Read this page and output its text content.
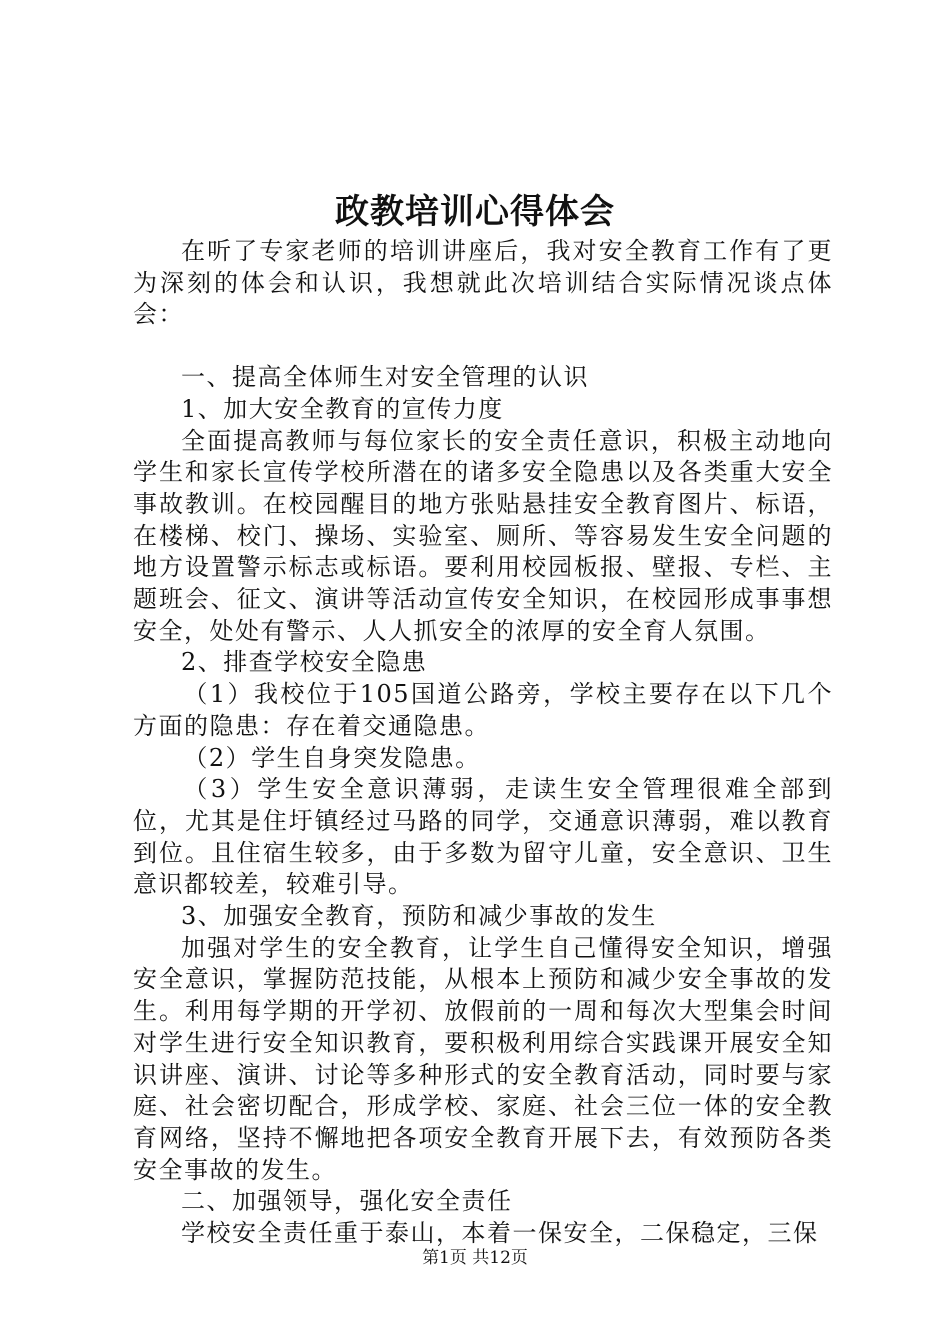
政教培训心得体会

在听了专家老师的培训讲座后，我对安全教育工作有了更为深刻的体会和认识，我想就此次培训结合实际情况谈点体会：

一、提高全体师生对安全管理的认识

1、加大安全教育的宣传力度

全面提高教师与每位家长的安全责任意识，积极主动地向学生和家长宣传学校所潜在的诸多安全隐患以及各类重大安全事故教训。在校园醒目的地方张贴悬挂安全教育图片、标语，在楼梯、校门、操场、实验室、厕所、等容易发生安全问题的地方设置警示标志或标语。要利用校园板报、壁报、专栏、主题班会、征文、演讲等活动宣传安全知识，在校园形成事事想安全，处处有警示、人人抓安全的浓厚的安全育人氛围。

2、排查学校安全隐患

（1）我校位于105国道公路旁，学校主要存在以下几个方面的隐患：存在着交通隐患。

（2）学生自身突发隐患。

（3）学生安全意识薄弱，走读生安全管理很难全部到位，尤其是住圩镇经过马路的同学，交通意识薄弱，难以教育到位。且住宿生较多，由于多数为留守儿童，安全意识、卫生意识都较差，较难引导。

3、加强安全教育，预防和减少事故的发生

加强对学生的安全教育，让学生自己懂得安全知识，增强安全意识，掌握防范技能，从根本上预防和减少安全事故的发生。利用每学期的开学初、放假前的一周和每次大型集会时间对学生进行安全知识教育，要积极利用综合实践课开展安全知识讲座、演讲、讨论等多种形式的安全教育活动，同时要与家庭、社会密切配合，形成学校、家庭、社会三位一体的安全教育网络，坚持不懈地把各项安全教育开展下去，有效预防各类安全事故的发生。

二、加强领导，强化安全责任

学校安全责任重于泰山，本着一保安全，二保稳定，三保

第1页 共12页
